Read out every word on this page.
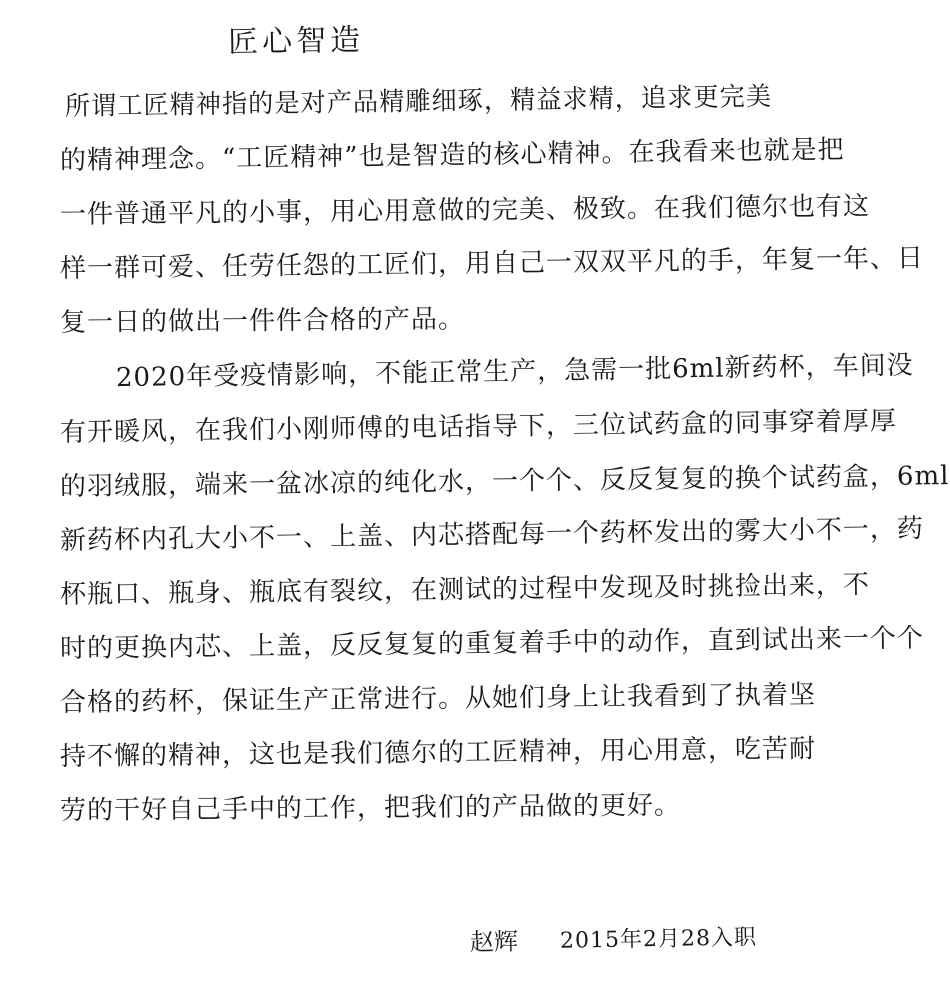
匠心智造
所谓工匠精神指的是对产品精雕细琢，精益求精，追求更完美
的精神理念。“工匠精神”也是智造的核心精神。在我看来也就是把
一件普通平凡的小事，用心用意做的完美、极致。在我们德尔也有这
样一群可爱、任劳任怨的工匠们，用自己一双双平凡的手，年复一年、日
复一日的做出一件件合格的产品。
2020年受疫情影响，不能正常生产，急需一批6ml新药杯，车间没
有开暖风，在我们小刚师傅的电话指导下，三位试药盒的同事穿着厚厚
的羽绒服，端来一盆冰凉的纯化水，一个个、反反复复的换个试药盒，6ml
新药杯内孔大小不一、上盖、内芯搭配每一个药杯发出的雾大小不一，药
杯瓶口、瓶身、瓶底有裂纹，在测试的过程中发现及时挑捡出来，不
时的更换内芯、上盖，反反复复的重复着手中的动作，直到试出来一个个
合格的药杯，保证生产正常进行。从她们身上让我看到了执着坚
持不懈的精神，这也是我们德尔的工匠精神，用心用意，吃苦耐
劳的干好自己手中的工作，把我们的产品做的更好。
赵辉 2015年2月28入职
